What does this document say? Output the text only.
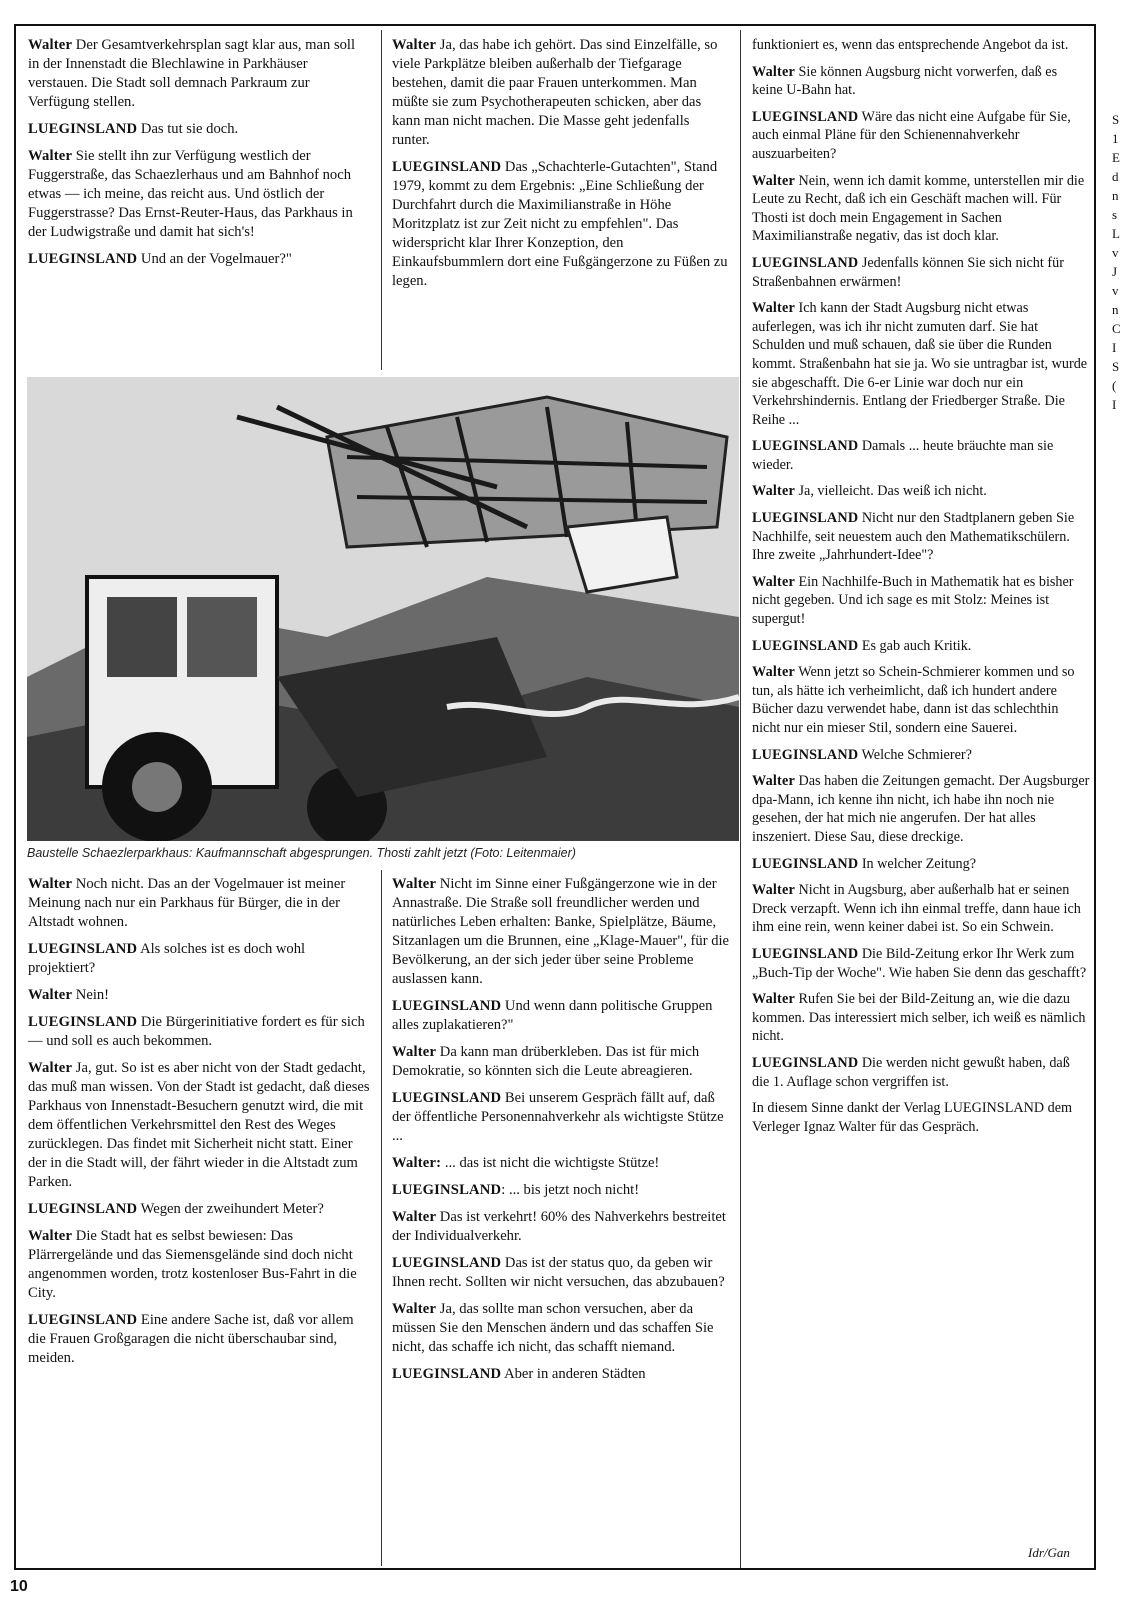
Walter Der Gesamtverkehrsplan sagt klar aus, man soll in der Innenstadt die Blechlawine in Parkhäuser verstauen. Die Stadt soll demnach Parkraum zur Verfügung stellen.

LUEGINSLAND Das tut sie doch.

Walter Sie stellt ihn zur Verfügung westlich der Fuggerstraße, das Schaezlerhaus und am Bahnhof noch etwas — ich meine, das reicht aus. Und östlich der Fuggerstrasse? Das Ernst-Reuter-Haus, das Parkhaus in der Ludwigstraße und damit hat sich's!

LUEGINSLAND Und an der Vogelmauer?"

Walter Ja, das habe ich gehört. Das sind Einzelfälle, so viele Parkplätze bleiben außerhalb der Tiefgarage bestehen, damit die paar Frauen unterkommen. Man müßte sie zum Psychotherapeuten schicken, aber das kann man nicht machen. Die Masse geht jedenfalls runter.

LUEGINSLAND Das „Schachterle-Gutachten", Stand 1979, kommt zu dem Ergebnis: „Eine Schließung der Durchfahrt durch die Maximilianstraße in Höhe Moritzplatz ist zur Zeit nicht zu empfehlen". Das widerspricht klar Ihrer Konzeption, den Einkaufsbummlern dort eine Fußgängerzone zu Füßen zu legen.

funktioniert es, wenn das entsprechende Angebot da ist.

Walter Sie können Augsburg nicht vorwerfen, daß es keine U-Bahn hat.

LUEGINSLAND Wäre das nicht eine Aufgabe für Sie, auch einmal Pläne für den Schienennahverkehr auszuarbeiten?

Walter Nein, wenn ich damit komme, unterstellen mir die Leute zu Recht, daß ich ein Geschäft machen will. Für Thosti ist doch mein Engagement in Sachen Maximilianstraße negativ, das ist doch klar.

LUEGINSLAND Jedenfalls können Sie sich nicht für Straßenbahnen erwärmen!

Walter Ich kann der Stadt Augsburg nicht etwas auferlegen, was ich ihr nicht zumuten darf. Sie hat Schulden und muß schauen, daß sie über die Runden kommt. Straßenbahn hat sie ja. Wo sie untragbar ist, wurde sie abgeschafft. Die 6-er Linie war doch nur ein Verkehrshindernis. Entlang der Friedberger Straße. Die Reihe ...

LUEGINSLAND Damals ... heute bräuchte man sie wieder.

Walter Ja, vielleicht. Das weiß ich nicht.

LUEGINSLAND Nicht nur den Stadtplanern geben Sie Nachhilfe, seit neuestem auch den Mathematikschülern. Ihre zweite „Jahrhundert-Idee"?

Walter Ein Nachhilfe-Buch in Mathematik hat es bisher nicht gegeben. Und ich sage es mit Stolz: Meines ist supergut!

LUEGINSLAND Es gab auch Kritik.

Walter Wenn jetzt so Schein-Schmierer kommen und so tun, als hätte ich verheimlicht, daß ich hundert andere Bücher dazu verwendet habe, dann ist das schlechthin nicht nur ein mieser Stil, sondern eine Sauerei.

LUEGINSLAND Welche Schmierer?

Walter Das haben die Zeitungen gemacht. Der Augsburger dpa-Mann, ich kenne ihn nicht, ich habe ihn noch nie gesehen, der hat mich nie angerufen. Der hat alles inszeniert. Diese Sau, diese dreckige.

LUEGINSLAND In welcher Zeitung?

Walter Nicht in Augsburg, aber außerhalb hat er seinen Dreck verzapft. Wenn ich ihn einmal treffe, dann haue ich ihm eine rein, wenn keiner dabei ist. So ein Schwein.

LUEGINSLAND Die Bild-Zeitung erkor Ihr Werk zum „Buch-Tip der Woche". Wie haben Sie denn das geschafft?

Walter Rufen Sie bei der Bild-Zeitung an, wie die dazu kommen. Das interessiert mich selber, ich weiß es nämlich nicht.

LUEGINSLAND Die werden nicht gewußt haben, daß die 1. Auflage schon vergriffen ist.

In diesem Sinne dankt der Verlag LUEGINSLAND dem Verleger Ignaz Walter für das Gespräch.

Baustelle Schaezlerparkhaus: Kaufmannschaft abgesprungen. Thosti zahlt jetzt (Foto: Leitenmaier)

Walter Noch nicht. Das an der Vogelmauer ist meiner Meinung nach nur ein Parkhaus für Bürger, die in der Altstadt wohnen.

LUEGINSLAND Als solches ist es doch wohl projektiert?

Walter Nein!

LUEGINSLAND Die Bürgerinitiative fordert es für sich — und soll es auch bekommen.

Walter Ja, gut. So ist es aber nicht von der Stadt gedacht, das muß man wissen. Von der Stadt ist gedacht, daß dieses Parkhaus von Innenstadt-Besuchern genutzt wird, die mit dem öffentlichen Verkehrsmittel den Rest des Weges zurücklegen. Das findet mit Sicherheit nicht statt. Einer der in die Stadt will, der fährt wieder in die Altstadt zum Parken.

LUEGINSLAND Wegen der zweihundert Meter?

Walter Die Stadt hat es selbst bewiesen: Das Plärrergelände und das Siemensgelände sind doch nicht angenommen worden, trotz kostenloser Bus-Fahrt in die City.

LUEGINSLAND Eine andere Sache ist, daß vor allem die Frauen Großgaragen die nicht überschaubar sind, meiden.

Walter Nicht im Sinne einer Fußgängerzone wie in der Annastraße. Die Straße soll freundlicher werden und natürliches Leben erhalten: Banke, Spielplätze, Bäume, Sitzanlagen um die Brunnen, eine „Klage-Mauer", für die Bevölkerung, an der sich jeder über seine Probleme auslassen kann.

LUEGINSLAND Und wenn dann politische Gruppen alles zuplakatieren?"

Walter Da kann man drüberkleben. Das ist für mich Demokratie, so könnten sich die Leute abreagieren.

LUEGINSLAND Bei unserem Gespräch fällt auf, daß der öffentliche Personennahverkehr als wichtigste Stütze ...

Walter: ... das ist nicht die wichtigste Stütze!

LUEGINSLAND: ... bis jetzt noch nicht!

Walter Das ist verkehrt! 60% des Nahverkehrs bestreitet der Individualverkehr.

LUEGINSLAND Das ist der status quo, da geben wir Ihnen recht. Sollten wir nicht versuchen, das abzubauen?

Walter Ja, das sollte man schon versuchen, aber da müssen Sie den Menschen ändern und das schaffen Sie nicht, das schaffe ich nicht, das schafft niemand.

LUEGINSLAND Aber in anderen Städten

Idr/Gan
10
S
1
E
d
n
s
L
v
J
v
n
C
I
S
(
I
